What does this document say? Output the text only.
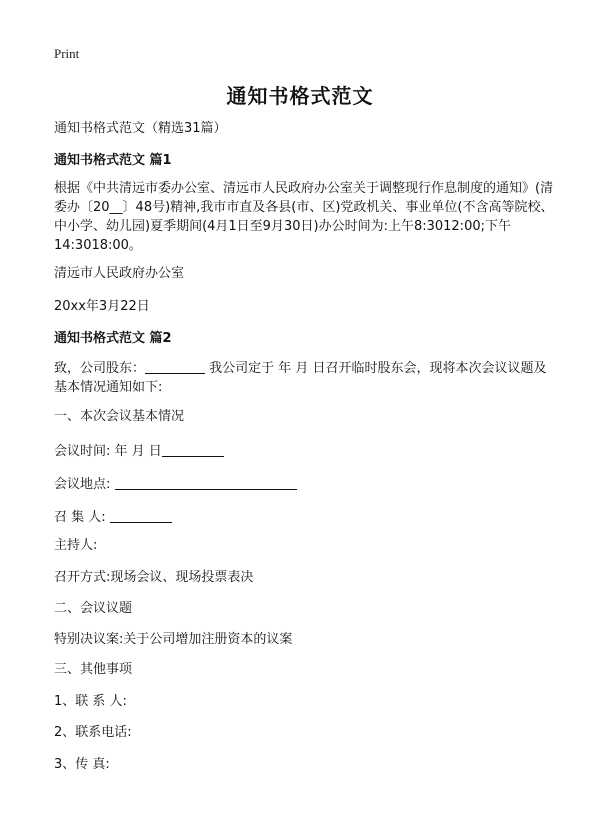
Print
通知书格式范文
通知书格式范文（精选31篇）
通知书格式范文 篇1
根据《中共清远市委办公室、清远市人民政府办公室关于调整现行作息制度的通知》(清委办〔20__〕48号)精神,我市市直及各县(市、区)党政机关、事业单位(不含高等院校、中小学、幼儿园)夏季期间(4月1日至9月30日)办公时间为:上午8:3012:00;下午14:3018:00。
清远市人民政府办公室
20xx年3月22日
通知书格式范文 篇2
致，公司股东：	我公司定于 年 月 日召开临时股东会，现将本次会议议题及基本情况通知如下:
一、本次会议基本情况
会议时间: 年 月 日
会议地点:
召 集 人:
主持人:
召开方式:现场会议、现场投票表决
二、会议议题
特别决议案:关于公司增加注册资本的议案
三、其他事项
1、联 系 人:
2、联系电话:
3、传 真:
